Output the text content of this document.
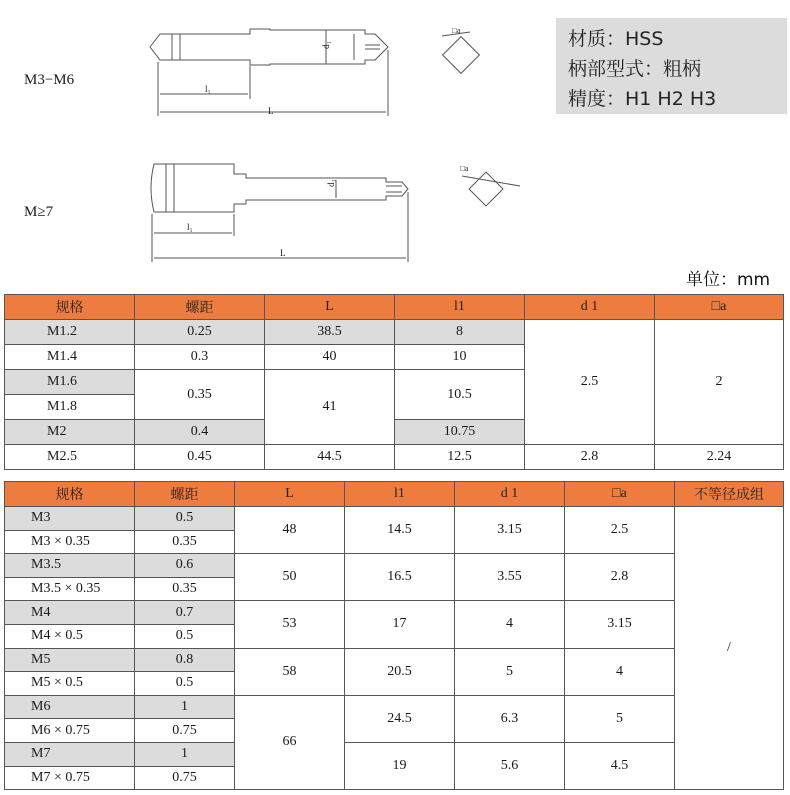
M3−M6
l₁
L
d₁
□a
M≥7
l₁
L
d₁
□a
材质：HSS
柄部型式：粗柄
精度：H1 H2 H3
单位：mm
规格	螺距	L	l1	d 1	□a
M1.2	0.25	38.5	8	2.5	2
M1.4	0.3	40	10		
M1.6	0.35	41	10.5		
M1.8					
M2	0.4		10.75		
M2.5	0.45	44.5	12.5	2.8	2.24
规格	螺距	L	l1	d 1	□a	不等径成组
M3	0.5	48	14.5	3.15	2.5	/
M3 × 0.35	0.35					
M3.5	0.6	50	16.5	3.55	2.8	
M3.5 × 0.35	0.35					
M4	0.7	53	17	4	3.15	
M4 × 0.5	0.5					
M5	0.8	58	20.5	5	4	
M5 × 0.5	0.5					
M6	1	66	24.5	6.3	5	
M6 × 0.75	0.75					
M7	1		19	5.6	4.5	
M7 × 0.75	0.75					
